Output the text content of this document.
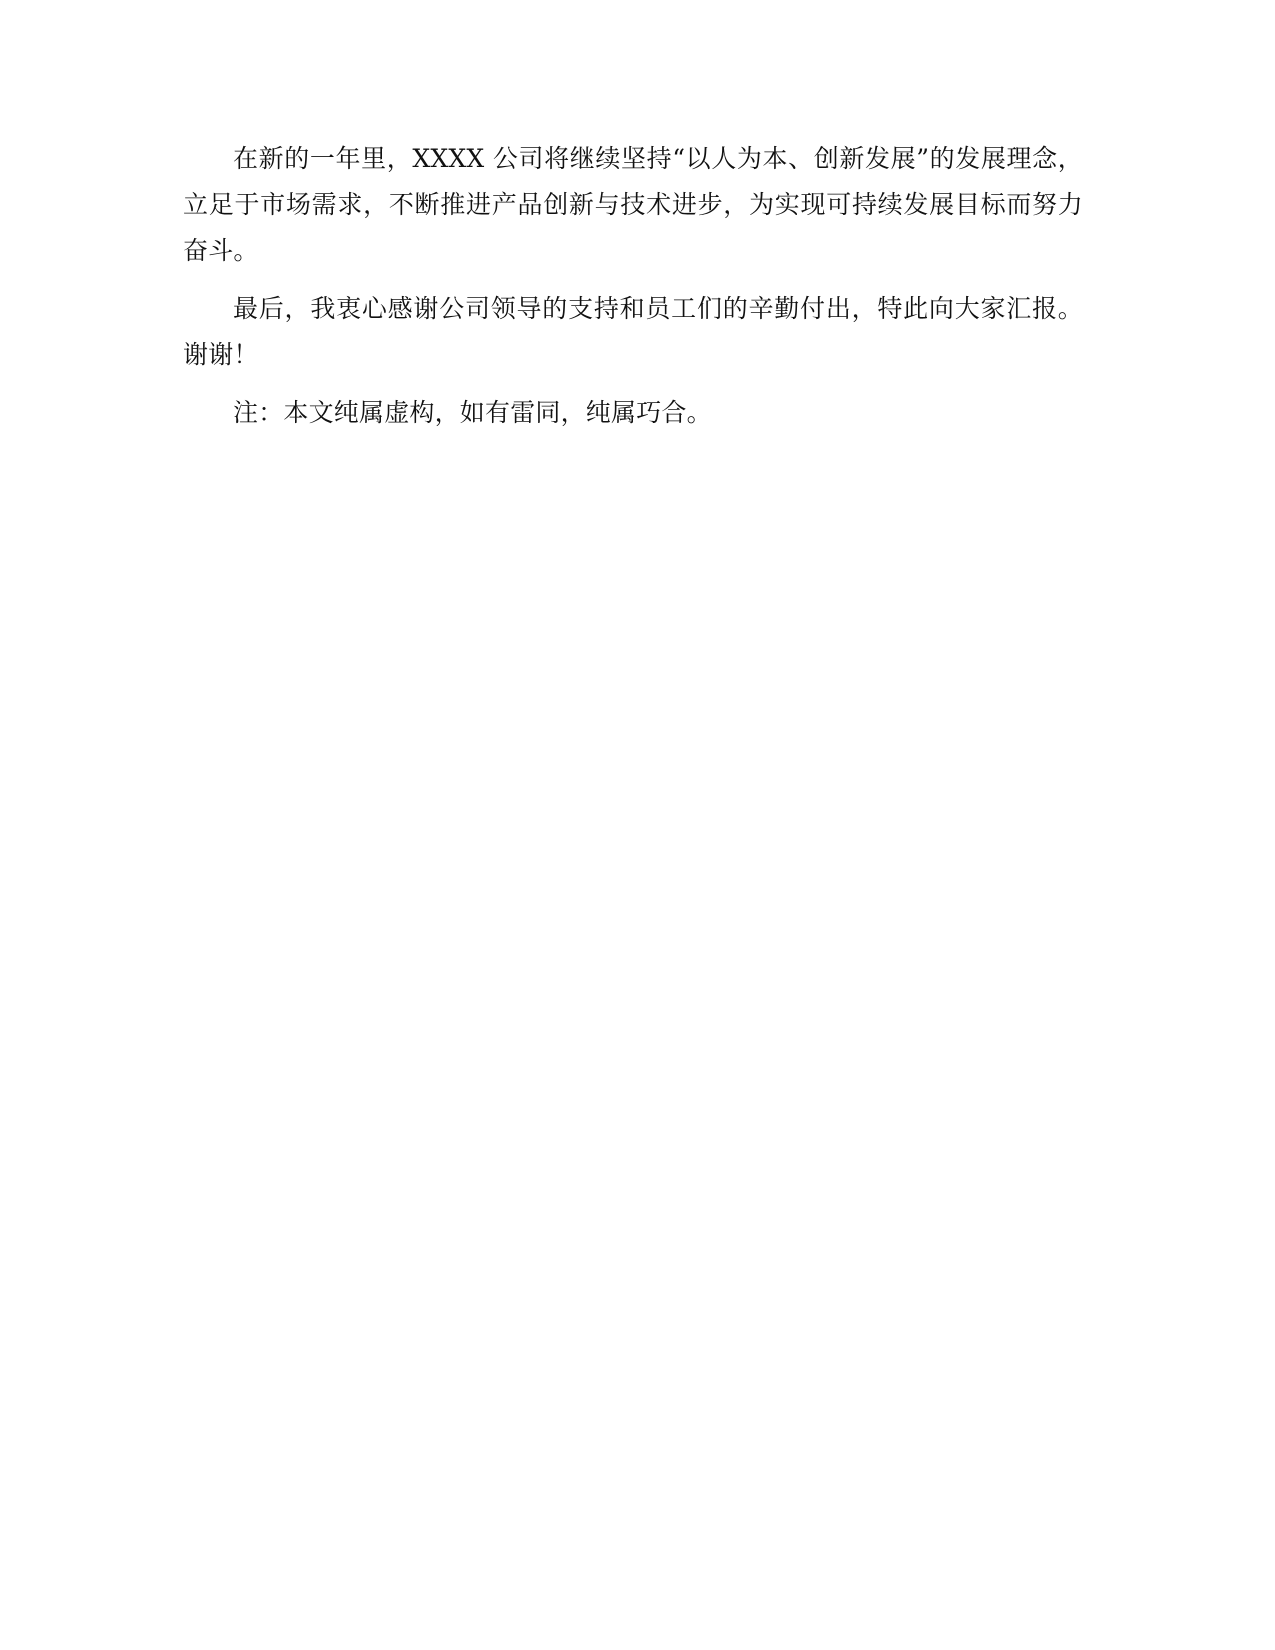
在新的一年里，XXXX 公司将继续坚持“以人为本、创新发展”的发展理念，立足于市场需求，不断推进产品创新与技术进步，为实现可持续发展目标而努力奋斗。

最后，我衷心感谢公司领导的支持和员工们的辛勤付出，特此向大家汇报。谢谢！

注：本文纯属虚构，如有雷同，纯属巧合。
